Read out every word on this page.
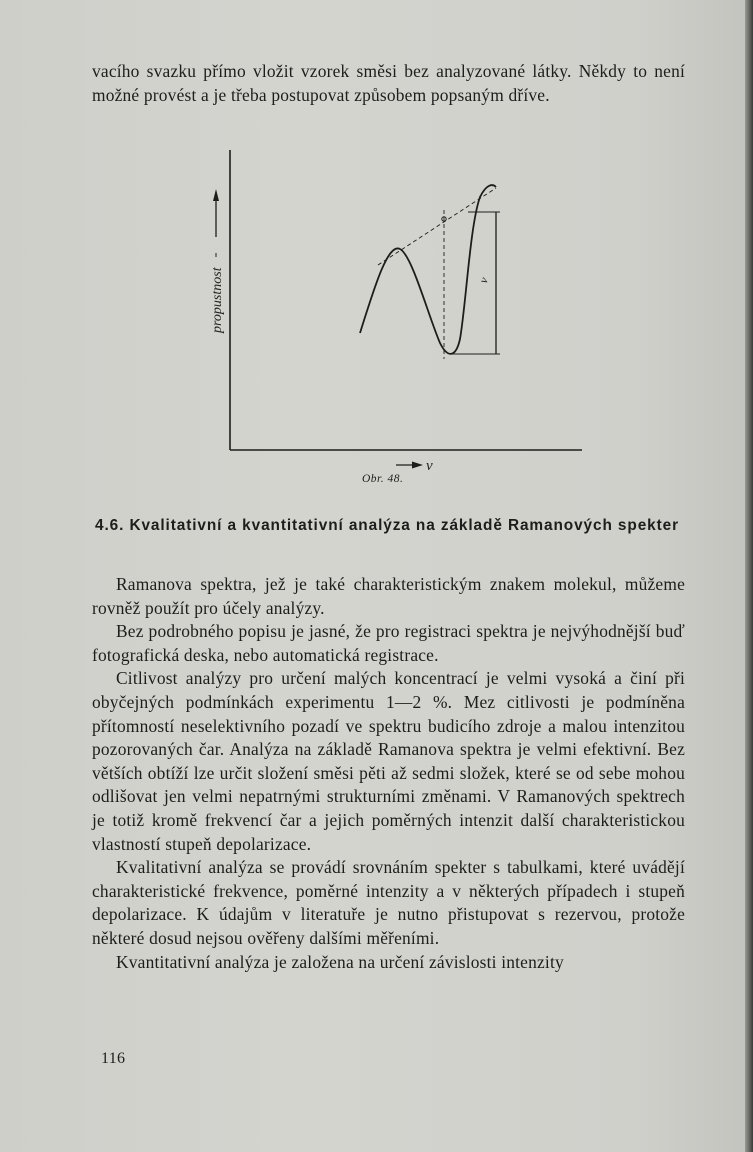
vacího svazku přímo vložit vzorek směsi bez analyzované látky. Někdy to není možné provést a je třeba postupovat způsobem popsaným dříve.

propustnost	ν
ν
Obr. 48.
4.6. Kvalitativní a kvantitativní analýza na základě Ramanových spekter

Ramanova spektra, jež je také charakteristickým znakem molekul, můžeme rovněž použít pro účely analýzy.

Bez podrobného popisu je jasné, že pro registraci spektra je nejvýhodnější buď fotografická deska, nebo automatická registrace.

Citlivost analýzy pro určení malých koncentrací je velmi vysoká a činí při obyčejných podmínkách experimentu 1—2 %. Mez citlivosti je podmíněna přítomností neselektivního pozadí ve spektru budicího zdroje a malou intenzitou pozorovaných čar. Analýza na základě Ramanova spektra je velmi efektivní. Bez větších obtíží lze určit složení směsi pěti až sedmi složek, které se od sebe mohou odlišovat jen velmi nepatrnými strukturními změnami. V Ramanových spektrech je totiž kromě frekvencí čar a jejich poměrných intenzit další charakteristickou vlastností stupeň depolarizace.

Kvalitativní analýza se provádí srovnáním spekter s tabulkami, které uvádějí charakteristické frekvence, poměrné intenzity a v některých případech i stupeň depolarizace. K údajům v literatuře je nutno přistupovat s rezervou, protože některé dosud nejsou ověřeny dalšími měřeními.

Kvantitativní analýza je založena na určení závislosti intenzity

116
